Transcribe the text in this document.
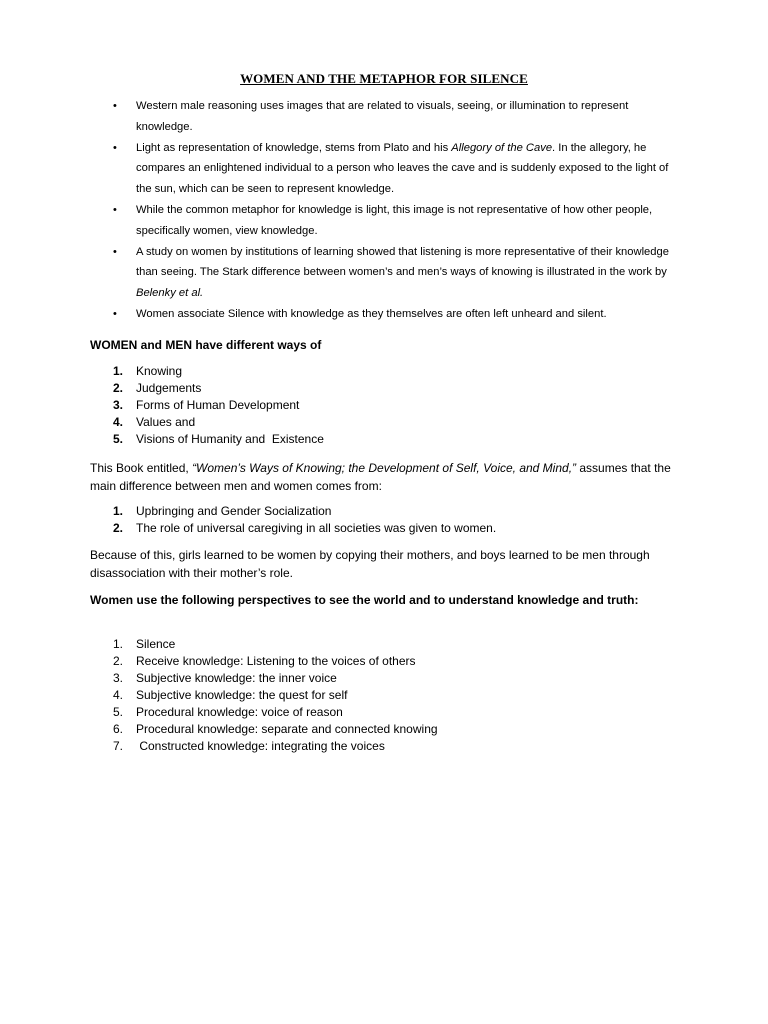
WOMEN AND THE METAPHOR FOR SILENCE
• Western male reasoning uses images that are related to visuals, seeing, or illumination to represent knowledge.
• Light as representation of knowledge, stems from Plato and his Allegory of the Cave. In the allegory, he compares an enlightened individual to a person who leaves the cave and is suddenly exposed to the light of the sun, which can be seen to represent knowledge.
• While the common metaphor for knowledge is light, this image is not representative of how other people, specifically women, view knowledge.
• A study on women by institutions of learning showed that listening is more representative of their knowledge than seeing. The Stark difference between women’s and men’s ways of knowing is illustrated in the work by Belenky et al.
• Women associate Silence with knowledge as they themselves are often left unheard and silent.

WOMEN and MEN have different ways of

1. Knowing
2. Judgements
3. Forms of Human Development
4. Values and
5. Visions of Humanity and  Existence

This Book entitled, “Women’s Ways of Knowing; the Development of Self, Voice, and Mind,” assumes that the main difference between men and women comes from:

1. Upbringing and Gender Socialization
2. The role of universal caregiving in all societies was given to women.

Because of this, girls learned to be women by copying their mothers, and boys learned to be men through disassociation with their mother’s role.

Women use the following perspectives to see the world and to understand knowledge and truth:

1. Silence
2. Receive knowledge: Listening to the voices of others
3. Subjective knowledge: the inner voice
4. Subjective knowledge: the quest for self
5. Procedural knowledge: voice of reason
6. Procedural knowledge: separate and connected knowing
7. Constructed knowledge: integrating the voices
